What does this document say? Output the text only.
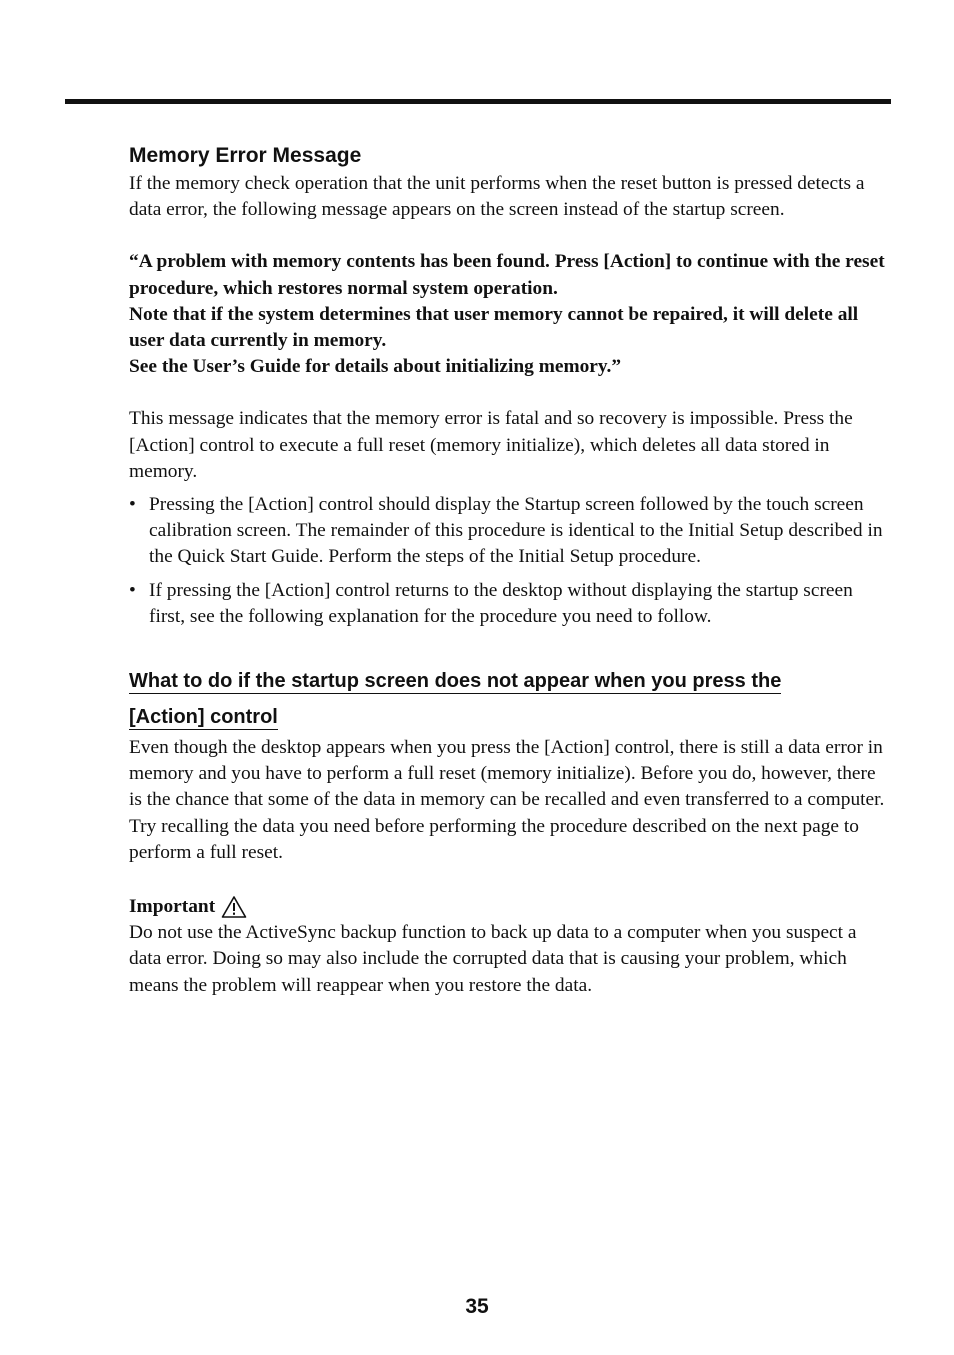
Memory Error Message

If the memory check operation that the unit performs when the reset button is pressed detects a data error, the following message appears on the screen instead of the startup screen.

“A problem with memory contents has been found. Press [Action] to continue with the reset procedure, which restores normal system operation.
Note that if the system determines that user memory cannot be repaired, it will delete all user data currently in memory.
See the User’s Guide for details about initializing memory.”

This message indicates that the memory error is fatal and so recovery is impossible. Press the [Action] control to execute a full reset (memory initialize), which deletes all data stored in memory.

• Pressing the [Action] control should display the Startup screen followed by the touch screen calibration screen. The remainder of this procedure is identical to the Initial Setup described in the Quick Start Guide. Perform the steps of the Initial Setup procedure.
• If pressing the [Action] control returns to the desktop without displaying the startup screen first, see the following explanation for the procedure you need to follow.
What to do if the startup screen does not appear when you press the
[Action] control

Even though the desktop appears when you press the [Action] control, there is still a data error in memory and you have to perform a full reset (memory initialize). Before you do, however, there is the chance that some of the data in memory can be recalled and even transferred to a computer. Try recalling the data you need before performing the procedure described on the next page to perform a full reset.

Important

Do not use the ActiveSync backup function to back up data to a computer when you suspect a data error. Doing so may also include the corrupted data that is causing your problem, which means the problem will reappear when you restore the data.

35
